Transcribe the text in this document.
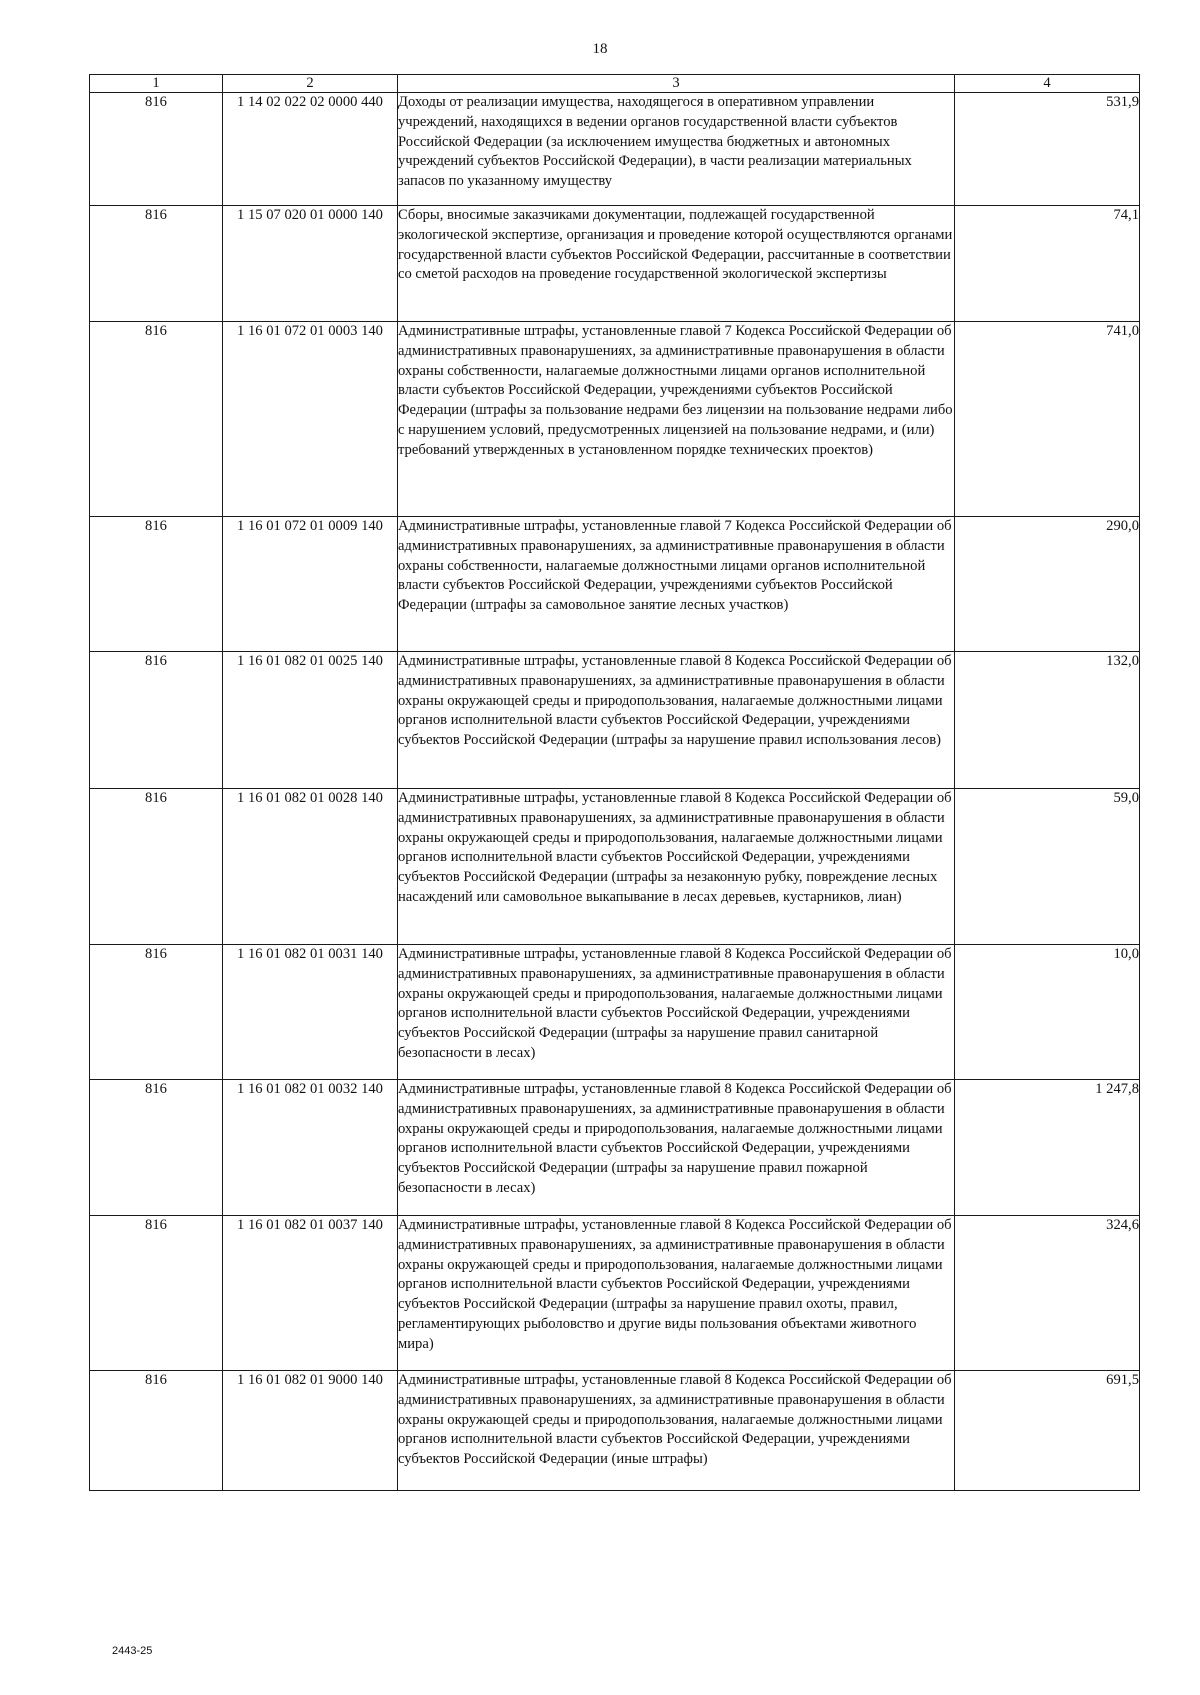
18
1	2	3	4
816	1 14 02 022 02 0000 440	Доходы от реализации имущества, находящегося в оперативном управлении учреждений, находящихся в ведении органов государственной власти субъектов Российской Федерации (за исключением имущества бюджетных и автономных учреждений субъектов Российской Федерации), в части реализации материальных запасов по указанному имуществу	531,9
816	1 15 07 020 01 0000 140	Сборы, вносимые заказчиками документации, подлежащей государственной экологической экспертизе, организация и проведение которой осуществляются органами государственной власти субъектов Российской Федерации, рассчитанные в соответствии со сметой расходов на проведение государственной экологической экспертизы	74,1
816	1 16 01 072 01 0003 140	Административные штрафы, установленные главой 7 Кодекса Российской Федерации об административных правонарушениях, за административные правонарушения в области охраны собственности, налагаемые должностными лицами органов исполнительной власти субъектов Российской Федерации, учреждениями субъектов Российской Федерации (штрафы за пользование недрами без лицензии на пользование недрами либо с нарушением условий, предусмотренных лицензией на пользование недрами, и (или) требований утвержденных в установленном порядке технических проектов)	741,0
816	1 16 01 072 01 0009 140	Административные штрафы, установленные главой 7 Кодекса Российской Федерации об административных правонарушениях, за административные правонарушения в области охраны собственности, налагаемые должностными лицами органов исполнительной власти субъектов Российской Федерации, учреждениями субъектов Российской Федерации (штрафы за самовольное занятие лесных участков)	290,0
816	1 16 01 082 01 0025 140	Административные штрафы, установленные главой 8 Кодекса Российской Федерации об административных правонарушениях, за административные правонарушения в области охраны окружающей среды и природопользования, налагаемые должностными лицами органов исполнительной власти субъектов Российской Федерации, учреждениями субъектов Российской Федерации (штрафы за нарушение правил использования лесов)	132,0
816	1 16 01 082 01 0028 140	Административные штрафы, установленные главой 8 Кодекса Российской Федерации об административных правонарушениях, за административные правонарушения в области охраны окружающей среды и природопользования, налагаемые должностными лицами органов исполнительной власти субъектов Российской Федерации, учреждениями субъектов Российской Федерации (штрафы за незаконную рубку, повреждение лесных насаждений или самовольное выкапывание в лесах деревьев, кустарников, лиан)	59,0
816	1 16 01 082 01 0031 140	Административные штрафы, установленные главой 8 Кодекса Российской Федерации об административных правонарушениях, за административные правонарушения в области охраны окружающей среды и природопользования, налагаемые должностными лицами органов исполнительной власти субъектов Российской Федерации, учреждениями субъектов Российской Федерации (штрафы за нарушение правил санитарной безопасности в лесах)	10,0
816	1 16 01 082 01 0032 140	Административные штрафы, установленные главой 8 Кодекса Российской Федерации об административных правонарушениях, за административные правонарушения в области охраны окружающей среды и природопользования, налагаемые должностными лицами органов исполнительной власти субъектов Российской Федерации, учреждениями субъектов Российской Федерации (штрафы за нарушение правил пожарной безопасности в лесах)	1 247,8
816	1 16 01 082 01 0037 140	Административные штрафы, установленные главой 8 Кодекса Российской Федерации об административных правонарушениях, за административные правонарушения в области охраны окружающей среды и природопользования, налагаемые должностными лицами органов исполнительной власти субъектов Российской Федерации, учреждениями субъектов Российской Федерации (штрафы за нарушение правил охоты, правил, регламентирующих рыболовство и другие виды пользования объектами животного мира)	324,6
816	1 16 01 082 01 9000 140	Административные штрафы, установленные главой 8 Кодекса Российской Федерации об административных правонарушениях, за административные правонарушения в области охраны окружающей среды и природопользования, налагаемые должностными лицами органов исполнительной власти субъектов Российской Федерации, учреждениями субъектов Российской Федерации (иные штрафы)	691,5
2443-25
